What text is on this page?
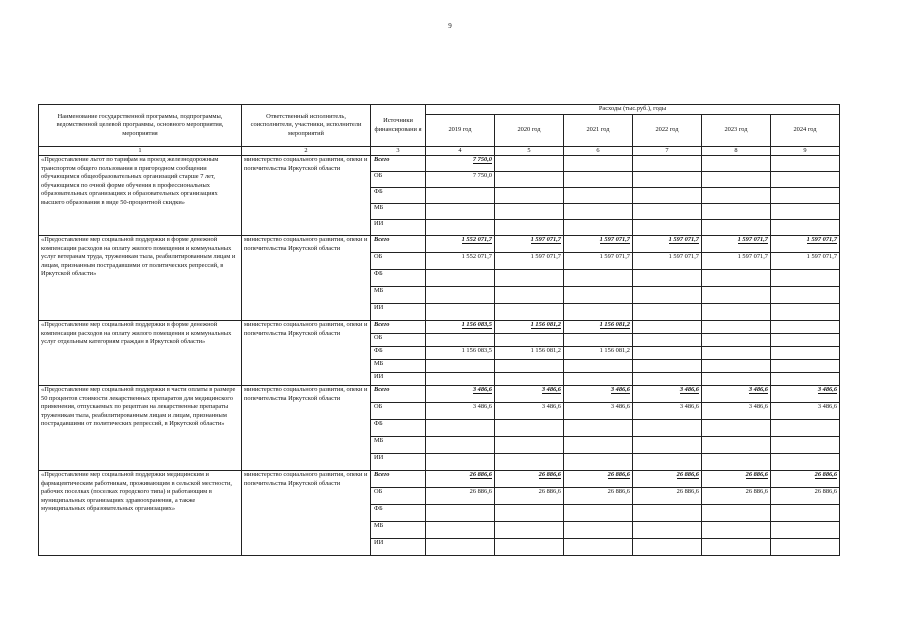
9
Наименование государственной программы, подпрограммы, ведомственной целевой программы, основного мероприятия, мероприятия	Ответственный исполнитель, соисполнители, участники, исполнители мероприятий	Источники финансировани я	Расходы (тыс.руб.), годы					
			2019 год	2020 год	2021 год	2022 год	2023 год	2024 год
1	2	3	4	5	6	7	8	9
«Предоставление льгот по тарифам на проезд железнодорожным транспортом общего пользования в пригородном сообщении обучающимся общеобразовательных организаций старше 7 лет, обучающимся по очной форме обучения в профессиональных образовательных организациях и образовательных организациях высшего образования в виде 50-процентной скидки»	министерство социального развития, опеки и попечительства Иркутской области	Всего	7 750,0					
		ОБ	7 750,0					
		ФБ						
		МБ						
		ИИ						
«Предоставление мер социальной поддержки в форме денежной компенсации расходов на оплату жилого помещения и коммунальных услуг ветеранам труда, труженикам тыла, реабилитированным лицам и лицам, признанным пострадавшими от политических репрессий, в Иркутской области»	министерство социального развития, опеки и попечительства Иркутской области	Всего	1 552 071,7	1 597 071,7	1 597 071,7	1 597 071,7	1 597 071,7	1 597 071,7
		ОБ	1 552 071,7	1 597 071,7	1 597 071,7	1 597 071,7	1 597 071,7	1 597 071,7
		ФБ						
		МБ						
		ИИ						
«Предоставление мер социальной поддержки в форме денежной компенсации расходов на оплату жилого помещения и коммунальных услуг отдельным категориям граждан в Иркутской области»	министерство социального развития, опеки и попечительства Иркутской области	Всего	1 156 083,5	1 156 081,2	1 156 081,2			
		ОБ						
		ФБ	1 156 083,5	1 156 081,2	1 156 081,2			
		МБ						
		ИИ						
«Предоставление мер социальной поддержки в части оплаты в размере 50 процентов стоимости лекарственных препаратов для медицинского применения, отпускаемых по рецептам на лекарственные препараты труженикам тыла, реабилитированным лицам и лицам, признанным пострадавшими от политических репрессий, в Иркутской области»	министерство социального развития, опеки и попечительства Иркутской области	Всего	3 486,6	3 486,6	3 486,6	3 486,6	3 486,6	3 486,6
		ОБ	3 486,6	3 486,6	3 486,6	3 486,6	3 486,6	3 486,6
		ФБ						
		МБ						
		ИИ						
«Предоставление мер социальной поддержки медицинским и фармацевтическим работникам, проживающим в сельской местности, рабочих поселках (поселках городского типа) и работающим в муниципальных организациях здравоохранения, а также муниципальных образовательных организациях»	министерство социального развития, опеки и попечительства Иркутской области	Всего	26 886,6	26 886,6	26 886,6	26 886,6	26 886,6	26 886,6
		ОБ	26 886,6	26 886,6	26 886,6	26 886,6	26 886,6	26 886,6
		ФБ						
		МБ						
		ИИ						
